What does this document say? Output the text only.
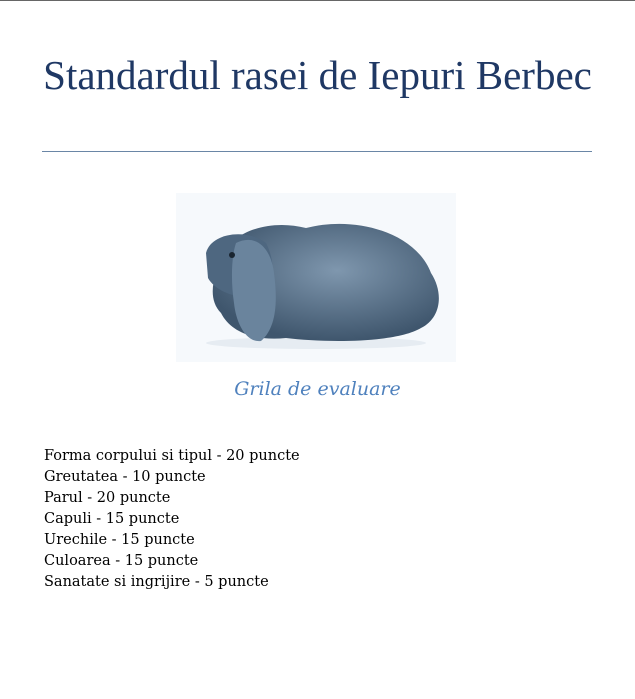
Standardul rasei de Iepuri Berbec
Grila de evaluare
Forma corpului si tipul - 20 puncte
Greutatea - 10 puncte
Parul - 20 puncte
Capuli - 15 puncte
Urechile - 15 puncte
Culoarea - 15 puncte
Sanatate si ingrijire - 5 puncte
